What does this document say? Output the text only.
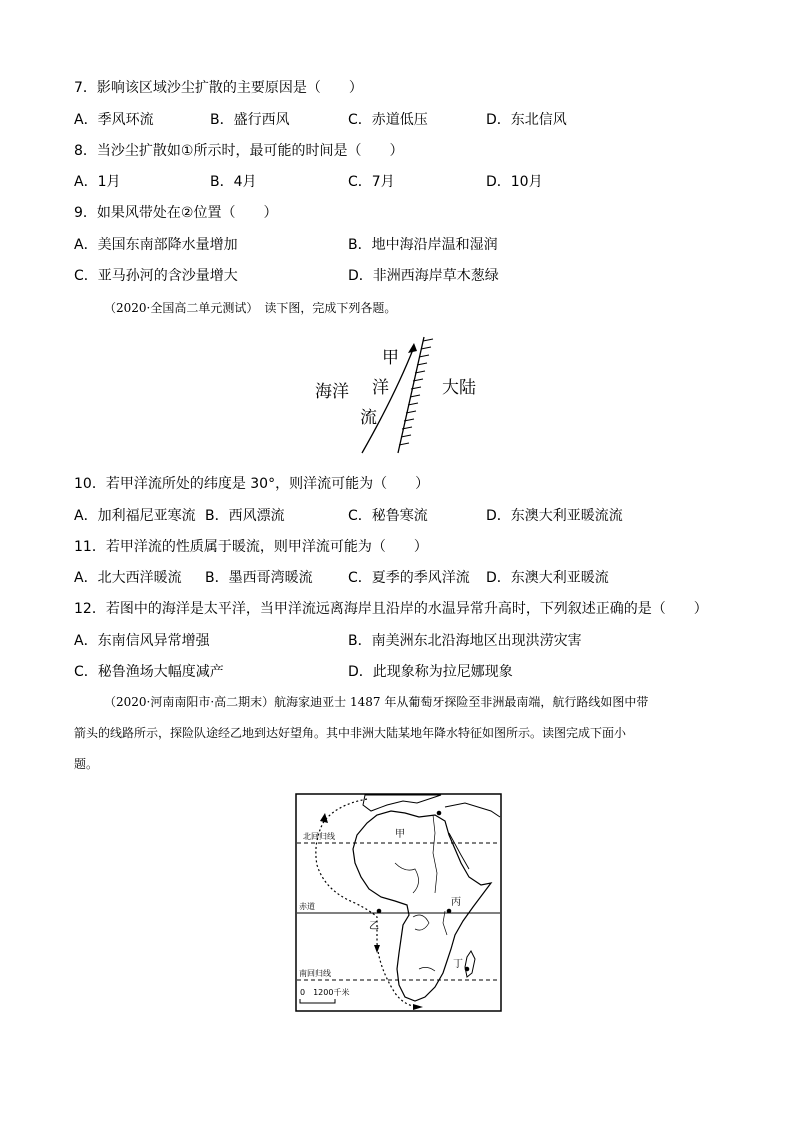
7．影响该区域沙尘扩散的主要原因是（　　）
A．季风环流	B．盛行西风	C．赤道低压	D．东北信风
8．当沙尘扩散如①所示时，最可能的时间是（　　）
A．1月	B．4月	C．7月	D．10月
9．如果风带处在②位置（　　）
A．美国东南部降水量增加	B．地中海沿岸温和湿润
C．亚马孙河的含沙量增大	D．非洲西海岸草木葱绿
（2020·全国高二单元测试）　读下图，完成下列各题。
海洋
甲
洋
流
大陆
10．若甲洋流所处的纬度是 30°，则洋流可能为（　　）
A．加利福尼亚寒流 B．西风漂流	C．秘鲁寒流	D．东澳大利亚暖流流
11．若甲洋流的性质属于暖流，则甲洋流可能为（　　）
A．北大西洋暖流 B．墨西哥湾暖流	C．夏季的季风洋流 D．东澳大利亚暖流
12．若图中的海洋是太平洋，当甲洋流远离海岸且沿岸的水温异常升高时，下列叙述正确的是（　　）
A．东南信风异常增强	B．南美洲东北沿海地区出现洪涝灾害
C．秘鲁渔场大幅度减产	D．此现象称为拉尼娜现象
（2020·河南南阳市·高二期末）航海家迪亚士 1487 年从葡萄牙探险至非洲最南端，航行路线如图中带
箭头的线路所示，探险队途经乙地到达好望角。其中非洲大陆某地年降水特征如图所示。读图完成下面小
题。
北回归线
赤道
南回归线
甲
乙
丙
丁
0　1200千米
